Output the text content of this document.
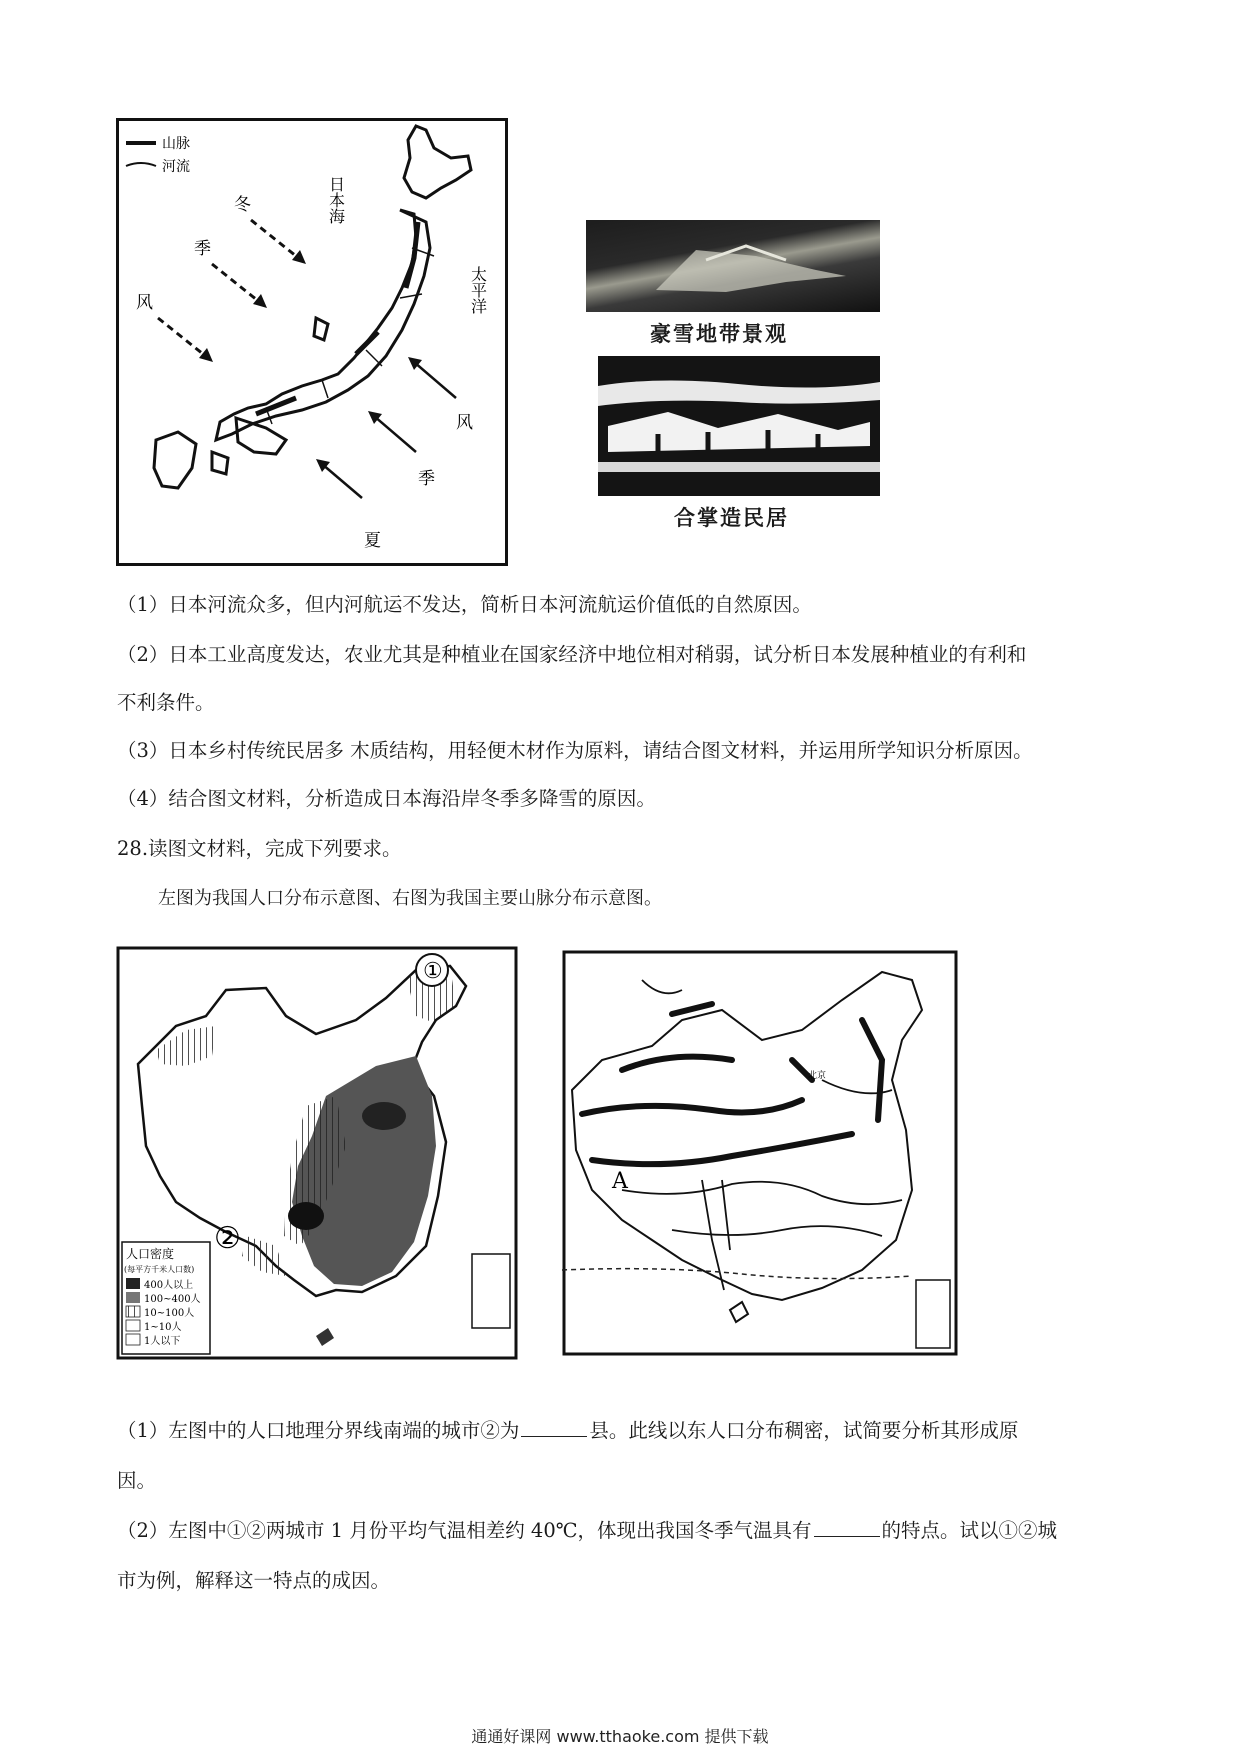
山脉
河流
日本海
太平洋
冬
季
风
风
季
夏
豪雪地带景观
合掌造民居
（1）日本河流众多，但内河航运不发达，简析日本河流航运价值低的自然原因。
（2）日本工业高度发达，农业尤其是种植业在国家经济中地位相对稍弱，试分析日本发展种植业的有利和
不利条件。
（3）日本乡村传统民居多 木质结构，用轻便木材作为原料，请结合图文材料，并运用所学知识分析原因。
（4）结合图文材料，分析造成日本海沿岸冬季多降雪的原因。
28.读图文材料，完成下列要求。
左图为我国人口分布示意图、右图为我国主要山脉分布示意图。
①
②
人口密度
(每平方千米人口数)
400人以上
100~400人
10~100人
1~10人
1人以下
A
北京
（1）左图中的人口地理分界线南端的城市②为	县。此线以东人口分布稠密，试简要分析其形成原
因。
（2）左图中①②两城市 1 月份平均气温相差约 40℃，体现出我国冬季气温具有	的特点。试以①②城
市为例，解释这一特点的成因。
通通好课网 www.tthaoke.com 提供下载
